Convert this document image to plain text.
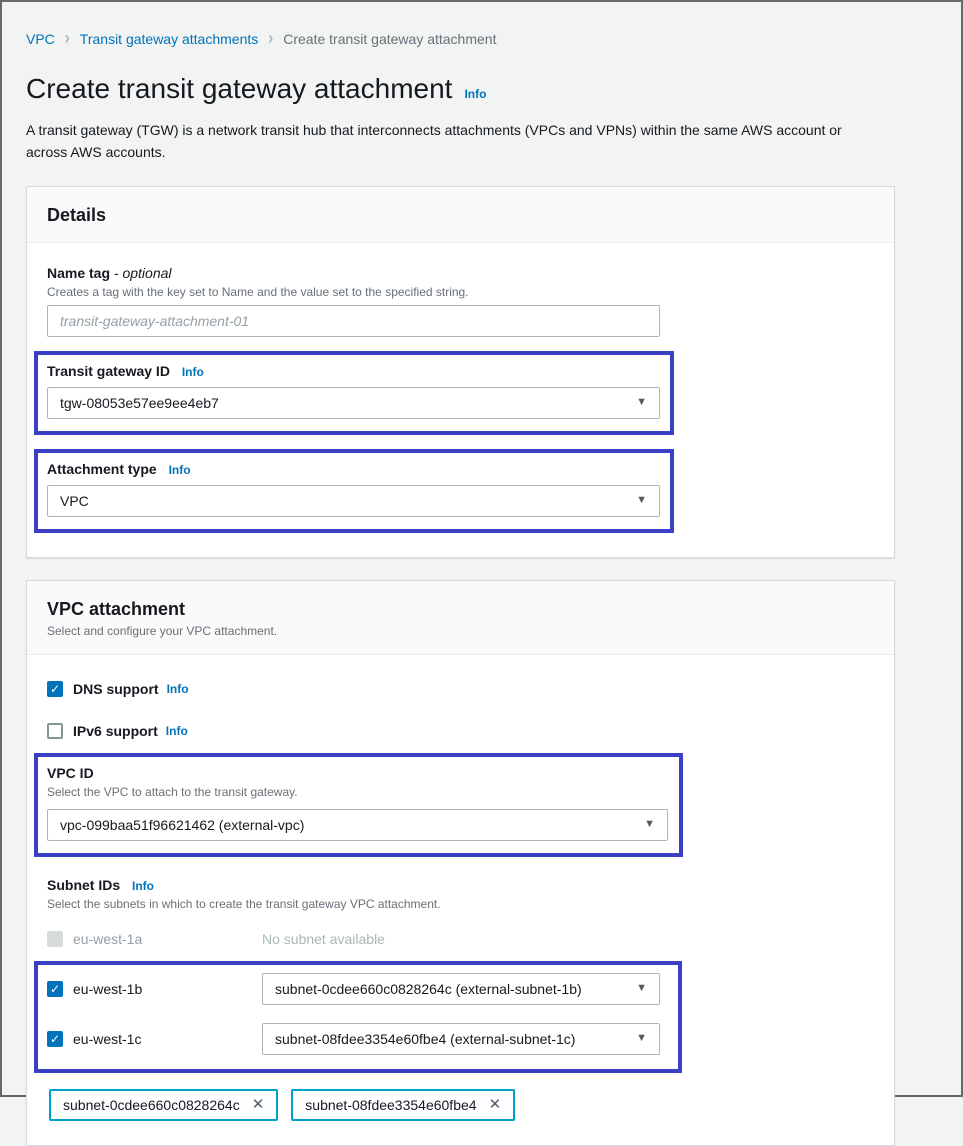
VPC › Transit gateway attachments › Create transit gateway attachment
Create transit gateway attachment Info

A transit gateway (TGW) is a network transit hub that interconnects attachments (VPCs and VPNs) within the same AWS account or across AWS accounts.

Details
Name tag - optional
Creates a tag with the key set to Name and the value set to the specified string.
transit-gateway-attachment-01
Transit gateway ID Info
tgw-08053e57ee9ee4eb7	▼
Attachment type Info
VPC	▼
VPC attachment
Select and configure your VPC attachment.
✓ DNS support Info
IPv6 support Info
VPC ID
Select the VPC to attach to the transit gateway.
vpc-099baa51f96621462 (external-vpc)	▼
Subnet IDs Info
Select the subnets in which to create the transit gateway VPC attachment.
eu-west-1a	No subnet available
✓ eu-west-1b	subnet-0cdee660c0828264c (external-subnet-1b)	▼
✓ eu-west-1c	subnet-08fdee3354e60fbe4 (external-subnet-1c)	▼
subnet-0cdee660c0828264c ✕	subnet-08fdee3354e60fbe4 ✕
